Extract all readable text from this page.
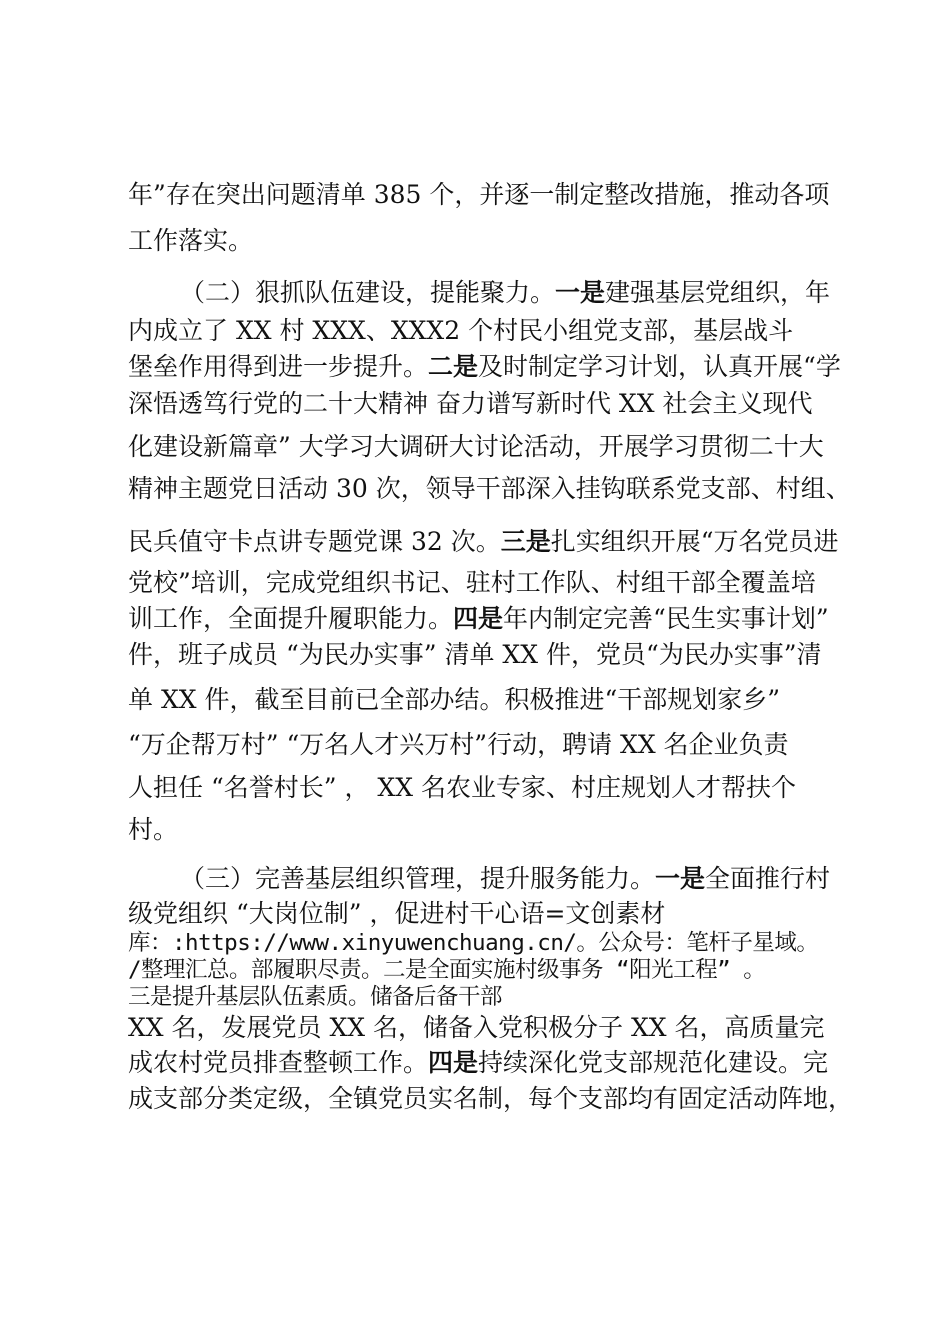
年”存在突出问题清单 385 个，并逐一制定整改措施，推动各项
工作落实。
（二）狠抓队伍建设，提能聚力。一是建强基层党组织，年
内成立了 XX 村 XXX、XXX2 个村民小组党支部，基层战斗
堡垒作用得到进一步提升。二是及时制定学习计划，认真开展“学
深悟透笃行党的二十大精神 奋力谱写新时代 XX 社会主义现代
化建设新篇章” 大学习大调研大讨论活动，开展学习贯彻二十大
精神主题党日活动 30 次，领导干部深入挂钩联系党支部、村组、
民兵值守卡点讲专题党课 32 次。三是扎实组织开展“万名党员进
党校”培训，完成党组织书记、驻村工作队、村组干部全覆盖培
训工作，全面提升履职能力。四是年内制定完善“民生实事计划”
件，班子成员 “为民办实事” 清单 XX 件，党员“为民办实事”清
单 XX 件，截至目前已全部办结。积极推进“干部规划家乡”
“万企帮万村” “万名人才兴万村”行动，聘请 XX 名企业负责
人担任 “名誉村长” ， XX 名农业专家、村庄规划人才帮扶个
村。
（三）完善基层组织管理，提升服务能力。一是全面推行村
级党组织 “大岗位制” ，促进村干心语=文创素材
库：:https://www.xinyuwenchuang.cn/。公众号：笔杆子星域。
/整理汇总。部履职尽责。二是全面实施村级事务 “阳光工程” 。
三是提升基层队伍素质。储备后备干部
XX 名，发展党员 XX 名，储备入党积极分子 XX 名，高质量完
成农村党员排查整顿工作。四是持续深化党支部规范化建设。完
成支部分类定级，全镇党员实名制，每个支部均有固定活动阵地，
